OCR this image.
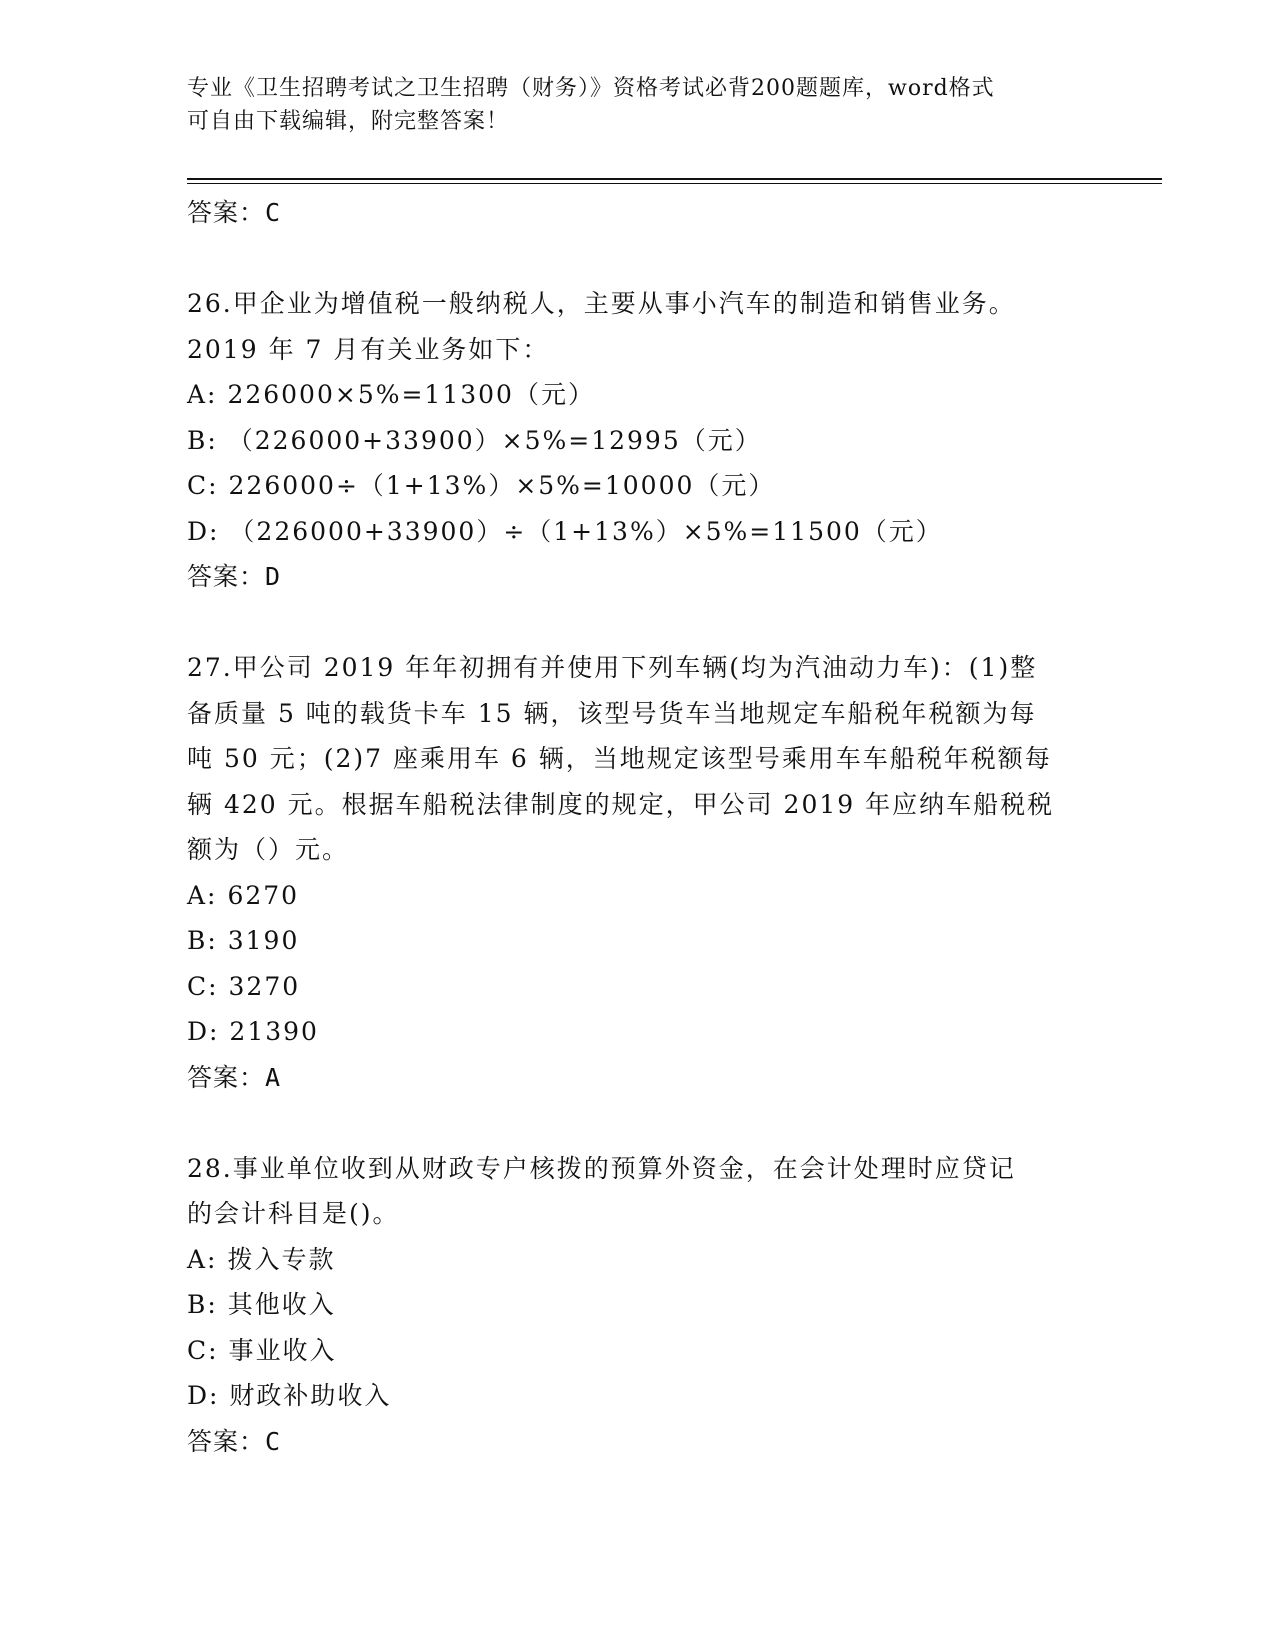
专业《卫生招聘考试之卫生招聘（财务）》资格考试必背200题题库，word格式
可自由下载编辑，附完整答案！
答案：C
26.甲企业为增值税一般纳税人，主要从事小汽车的制造和销售业务。
2019 年 7 月有关业务如下：
A: 226000×5%=11300（元）
B: （226000+33900）×5%=12995（元）
C: 226000÷（1+13%）×5%=10000（元）
D: （226000+33900）÷（1+13%）×5%=11500（元）
答案：D
27.甲公司 2019 年年初拥有并使用下列车辆(均为汽油动力车)：(1)整
备质量 5 吨的载货卡车 15 辆，该型号货车当地规定车船税年税额为每
吨 50 元；(2)7 座乘用车 6 辆，当地规定该型号乘用车车船税年税额每
辆 420 元。根据车船税法律制度的规定，甲公司 2019 年应纳车船税税
额为（）元。
A: 6270
B: 3190
C: 3270
D: 21390
答案：A
28.事业单位收到从财政专户核拨的预算外资金，在会计处理时应贷记
的会计科目是()。
A: 拨入专款
B: 其他收入
C: 事业收入
D: 财政补助收入
答案：C
